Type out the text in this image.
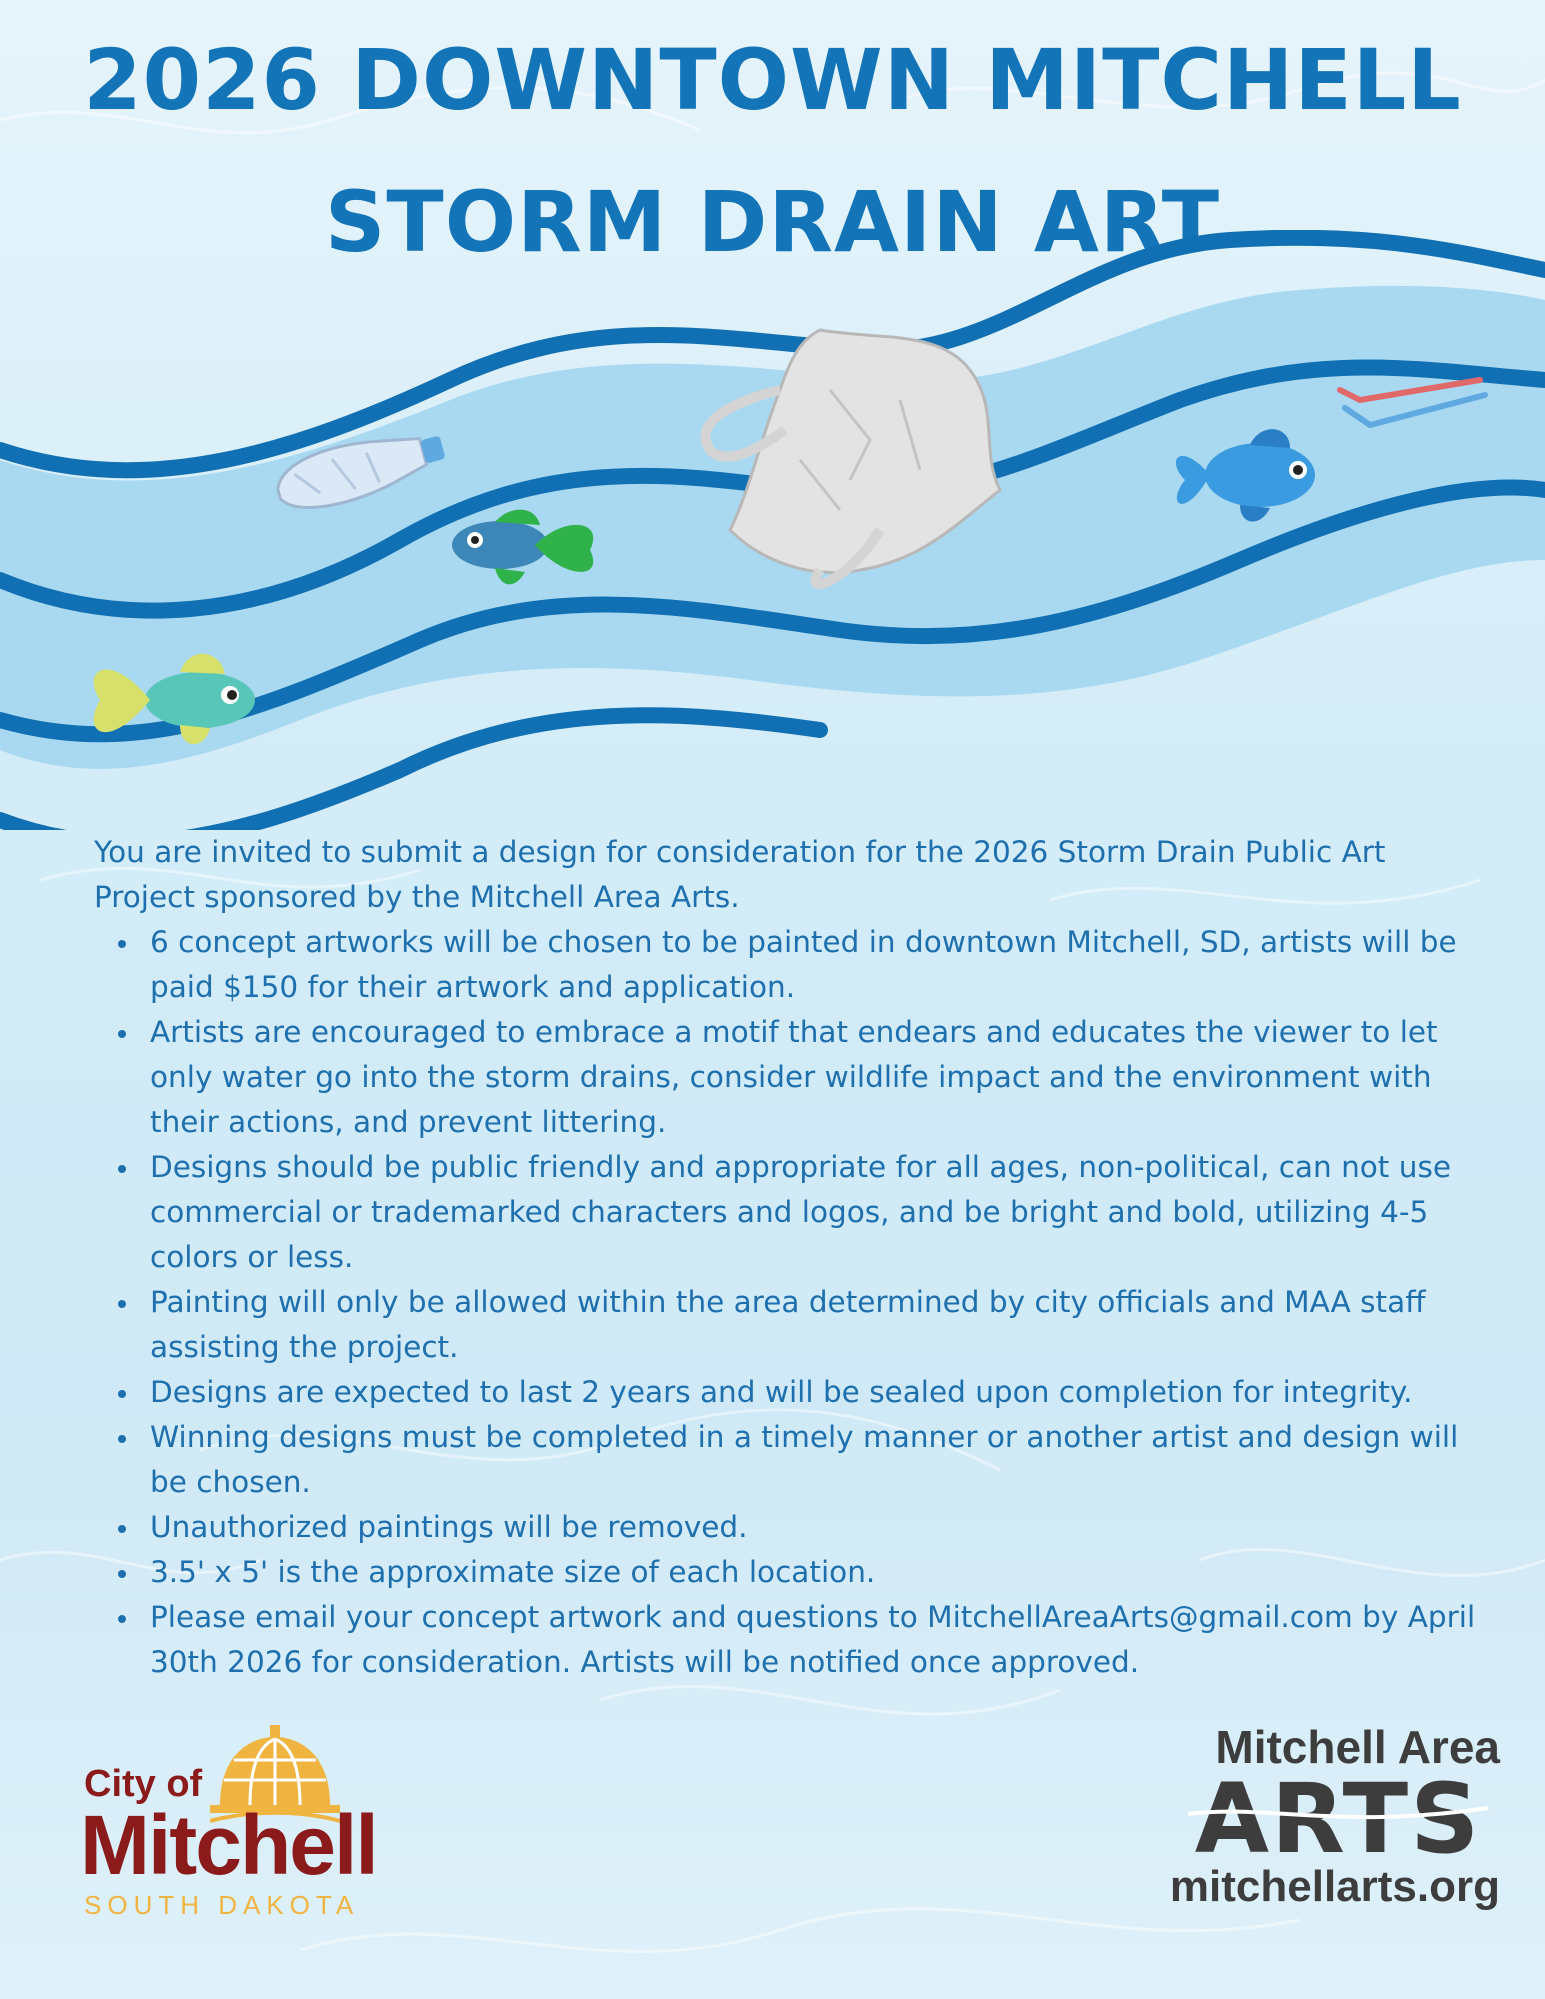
2026 DOWNTOWN MITCHELL
STORM DRAIN ART

You are invited to submit a design for consideration for the 2026 Storm Drain Public Art Project sponsored by the Mitchell Area Arts.

6 concept artworks will be chosen to be painted in downtown Mitchell, SD, artists will be paid $150 for their artwork and application.
Artists are encouraged to embrace a motif that endears and educates the viewer to let only water go into the storm drains, consider wildlife impact and the environment with their actions, and prevent littering.
Designs should be public friendly and appropriate for all ages, non-political, can not use commercial or trademarked characters and logos, and be bright and bold, utilizing 4-5 colors or less.
Painting will only be allowed within the area determined by city officials and MAA staff assisting the project.
Designs are expected to last 2 years and will be sealed upon completion for integrity.
Winning designs must be completed in a timely manner or another artist and design will be chosen.
Unauthorized paintings will be removed.
3.5' x 5' is the approximate size of each location.
Please email your concept artwork and questions to MitchellAreaArts@gmail.com by April 30th 2026 for consideration. Artists will be notified once approved.
City of
Mitchell
SOUTH DAKOTA
Mitchell Area
ARTS
mitchellarts.org
